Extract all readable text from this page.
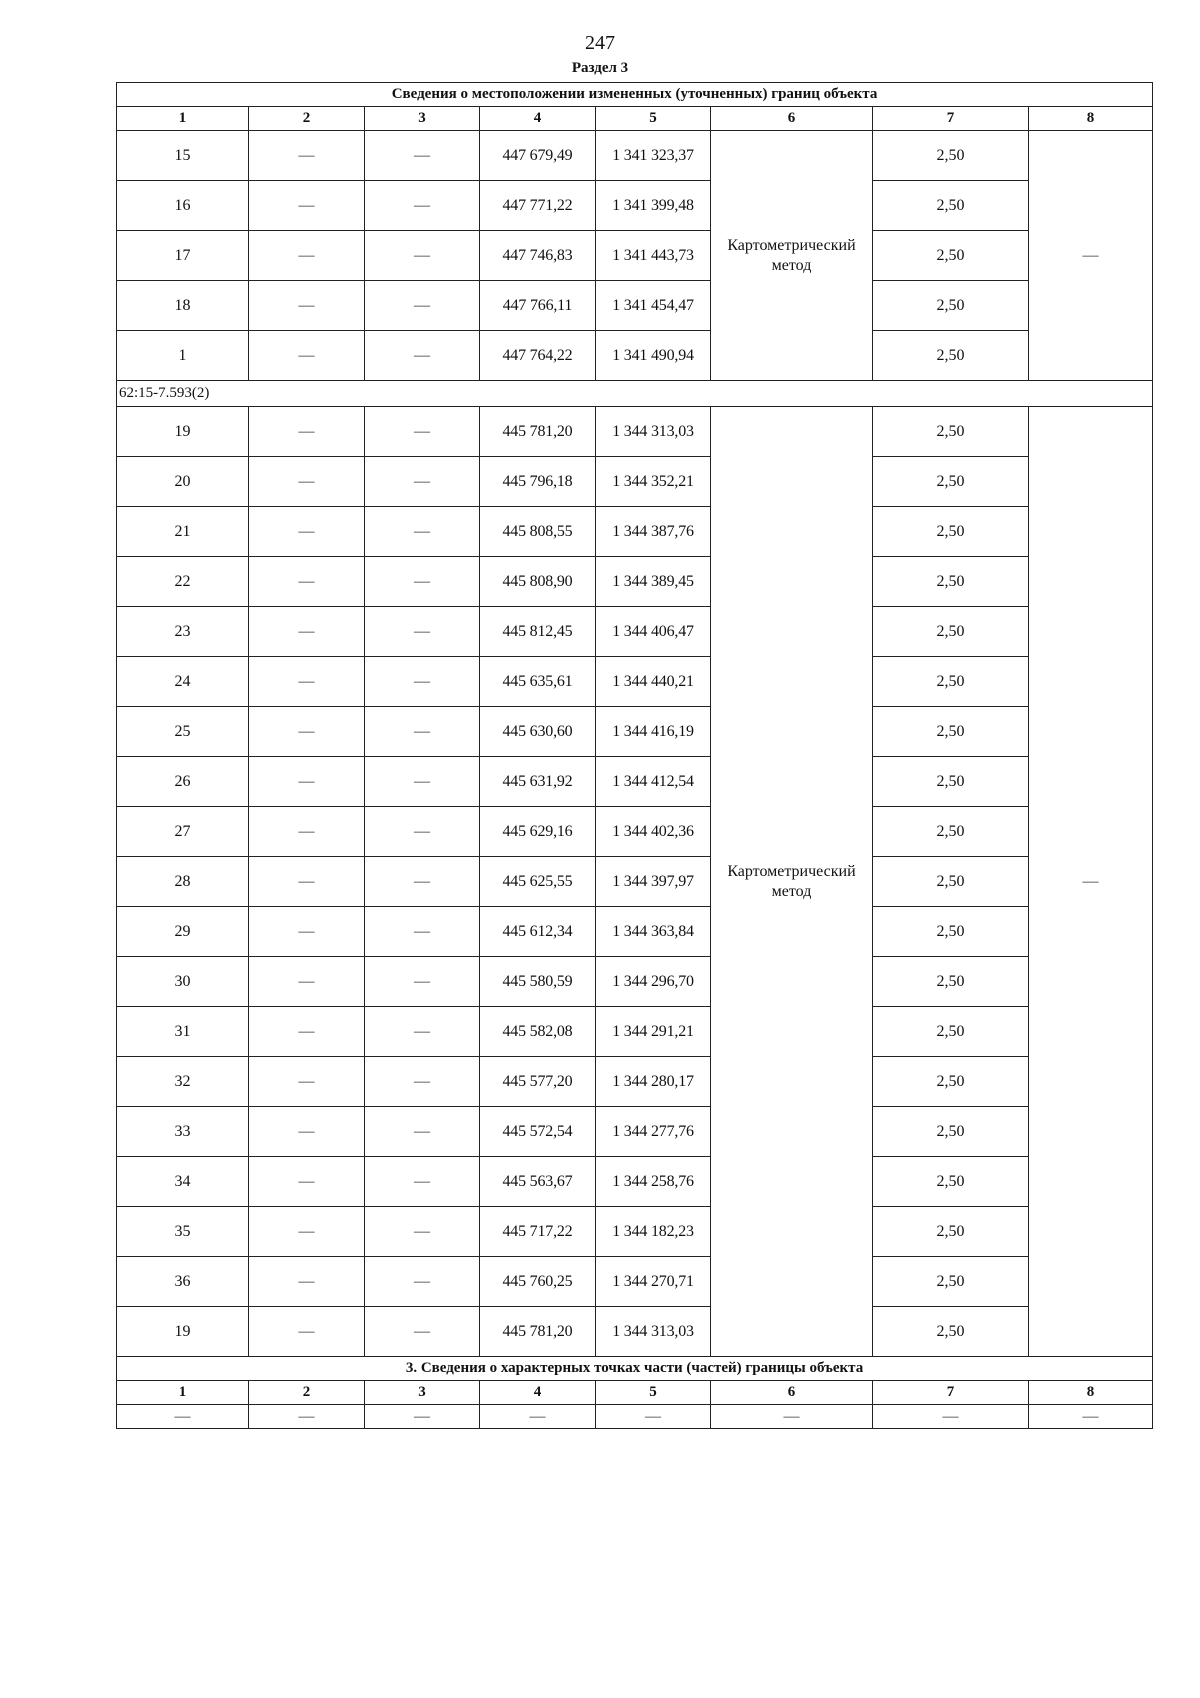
247
Раздел 3
Сведения о местоположении измененных (уточненных) границ объекта							
1	2	3	4	5	6	7	8
15	—	—	447 679,49	1 341 323,37	Картометрический метод	2,50	—
16	—	—	447 771,22	1 341 399,48		2,50	
17	—	—	447 746,83	1 341 443,73		2,50	
18	—	—	447 766,11	1 341 454,47		2,50	
1	—	—	447 764,22	1 341 490,94		2,50	
62:15-7.593(2)							
19	—	—	445 781,20	1 344 313,03	Картометрический метод	2,50	—
20	—	—	445 796,18	1 344 352,21		2,50	
21	—	—	445 808,55	1 344 387,76		2,50	
22	—	—	445 808,90	1 344 389,45		2,50	
23	—	—	445 812,45	1 344 406,47		2,50	
24	—	—	445 635,61	1 344 440,21		2,50	
25	—	—	445 630,60	1 344 416,19		2,50	
26	—	—	445 631,92	1 344 412,54		2,50	
27	—	—	445 629,16	1 344 402,36		2,50	
28	—	—	445 625,55	1 344 397,97		2,50	
29	—	—	445 612,34	1 344 363,84		2,50	
30	—	—	445 580,59	1 344 296,70		2,50	
31	—	—	445 582,08	1 344 291,21		2,50	
32	—	—	445 577,20	1 344 280,17		2,50	
33	—	—	445 572,54	1 344 277,76		2,50	
34	—	—	445 563,67	1 344 258,76		2,50	
35	—	—	445 717,22	1 344 182,23		2,50	
36	—	—	445 760,25	1 344 270,71		2,50	
19	—	—	445 781,20	1 344 313,03		2,50	
3. Сведения о характерных точках части (частей) границы объекта							
1	2	3	4	5	6	7	8
—	—	—	—	—	—	—	—
